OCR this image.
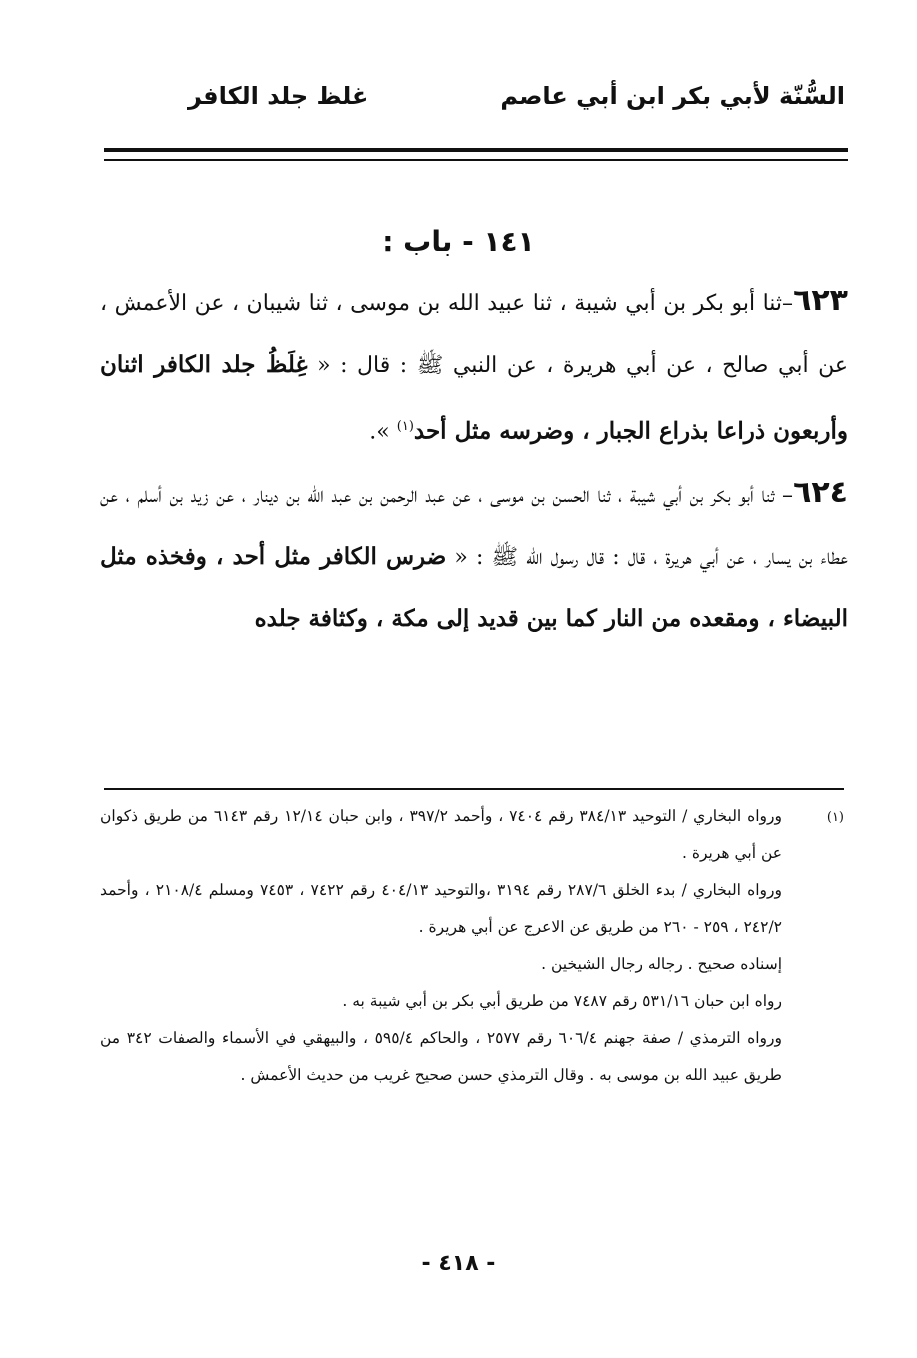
السُّنّة لأبي بكر ابن أبي عاصم
غلظ جلد الكافر
١٤١ - باب :

٦٢٣–ثنا أبو بكر بن أبي شيبة ، ثنا عبيد الله بن موسى ، ثنا شيبان ، عن الأعمش ، عن أبي صالح ، عن أبي هريرة ، عن النبي ﷺ : قال : « غِلَظُ جلد الكافر اثنان وأربعون ذراعا بذراع الجبار ، وضرسه مثل أحد$^{(١)}$ ».

٦٢٤– ثنا أبو بكر بن أبي شيبة ، ثنا الحسن بن موسى ، عن عبد الرحمن بن عبد الله بن دينار ، عن زيد بن أسلم ، عن عطاء بن يسار ، عن أبي هريرة ، قال : قال رسول الله ﷺ : « ضرس الكافر مثل أحد ، وفخذه مثل البيضاء ، ومقعده من النار كما بين قديد إلى مكة ، وكثافة جلده

(١)

ورواه البخاري / التوحيد ٣٨٤/١٣ رقم ٧٤٠٤ ، وأحمد ٣٩٧/٢ ، وابن حبان ١٢/١٤ رقم ٦١٤٣ من طريق ذكوان عن أبي هريرة .

ورواه البخاري / بدء الخلق ٢٨٧/٦ رقم ٣١٩٤ ،والتوحيد ٤٠٤/١٣ رقم ٧٤٢٢ ، ٧٤٥٣ ومسلم ٢١٠٨/٤ ، وأحمد ٢٤٢/٢ ، ٢٥٩ - ٢٦٠ من طريق عن الاعرج عن أبي هريرة .

إسناده صحيح . رجاله رجال الشيخين .

رواه ابن حبان ٥٣١/١٦ رقم ٧٤٨٧ من طريق أبي بكر بن أبي شيبة به .

ورواه الترمذي / صفة جهنم ٦٠٦/٤ رقم ٢٥٧٧ ، والحاكم ٥٩٥/٤ ، والبيهقي في الأسماء والصفات ٣٤٢ من طريق عبيد الله بن موسى به . وقال الترمذي حسن صحيح غريب من حديث الأعمش .

- ٤١٨ -
